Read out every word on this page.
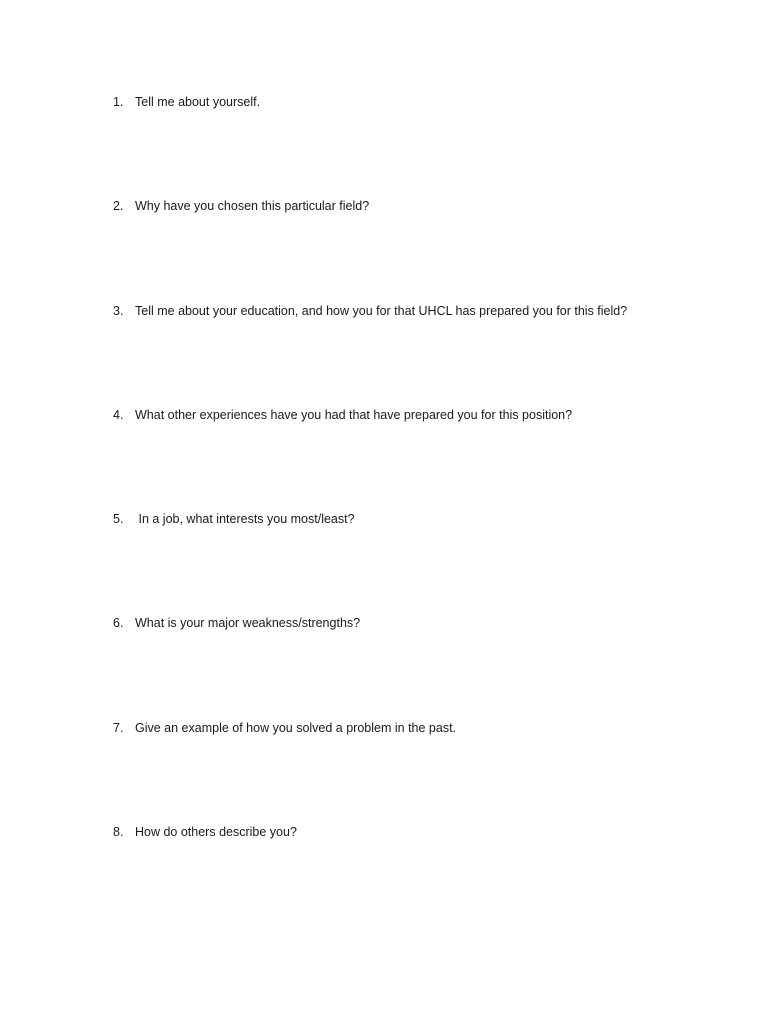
1. Tell me about yourself.
2. Why have you chosen this particular field?
3. Tell me about your education, and how you for that UHCL has prepared you for this field?
4. What other experiences have you had that have prepared you for this position?
5. In a job, what interests you most/least?
6. What is your major weakness/strengths?
7. Give an example of how you solved a problem in the past.
8. How do others describe you?
